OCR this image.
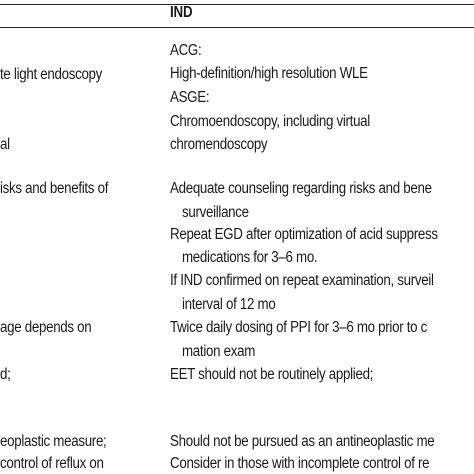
IND
te light endoscopy
al
isks and benefits of
age depends on
d;
eoplastic measure;
control of reflux on
ACG:
High-definition/high resolution WLE
ASGE:
Chromoendoscopy, including virtual
chromendoscopy
Adequate counseling regarding risks and bene
surveillance
Repeat EGD after optimization of acid suppress
medications for 3–6 mo.
If IND confirmed on repeat examination, surveil
interval of 12 mo
Twice daily dosing of PPI for 3–6 mo prior to c
mation exam
EET should not be routinely applied;
Should not be pursued as an antineoplastic me
Consider in those with incomplete control of re
